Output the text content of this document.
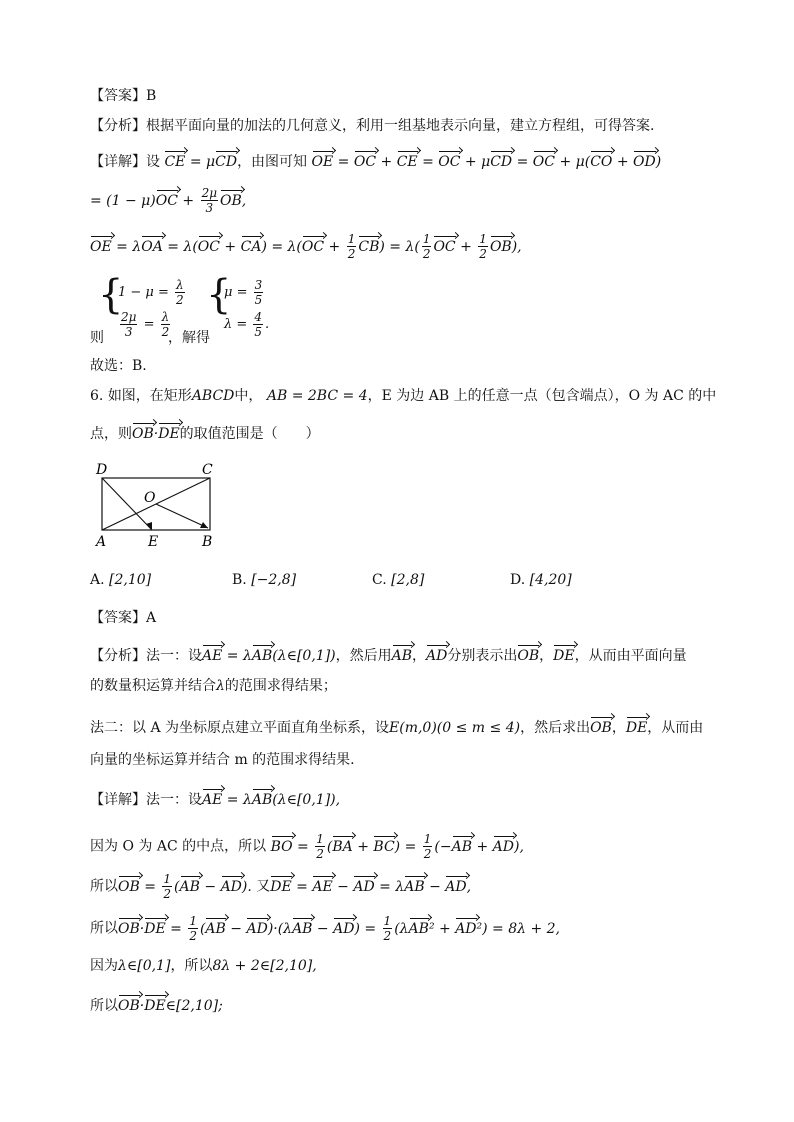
【答案】B
【分析】根据平面向量的加法的几何意义，利用一组基地表示向量，建立方程组，可得答案.
【详解】设 CE = μCD，由图可知 OE = OC + CE = OC + μCD = OC + μ(CO + OD)
= $(1 - \mu)OC + \frac{2\mu}{3}$ OB,
OE = $\lambda OA = \lambda(OC + CA) = \lambda(OC + \frac{1}{2} CB) = \lambda( \frac{1}{2}$ OC + $\frac{1}{2} OB$),
{
$1 - \mu = \frac{\lambda}{2}$
$\frac{2\mu}{3} = \frac{\lambda}{2}$
则	，解得
{
$\mu = \frac{3}{5}$
$\lambda = \frac{4}{5}$ .
故选：B.
6. 如图，在矩形ABCD中， AB = 2BC = 4，E 为边 AB 上的任意一点（包含端点），O 为 AC 的中
点，则OB·DE的取值范围是（　　）
D	C
O
A	E	B
A. [2,10]	B. [−2,8]	C. [2,8]	D. [4,20]
【答案】A
【分析】法一：设AE = λAB(λ∈[0,1])，然后用AB，AD分别表示出OB，DE，从而由平面向量
的数量积运算并结合λ的范围求得结果；
法二：以 A 为坐标原点建立平面直角坐标系，设E(m,0)(0 ≤ m ≤ 4)，然后求出OB，DE，从而由
向量的坐标运算并结合 m 的范围求得结果.
【详解】法一：设AE = λAB(λ∈[0,1]),
因为 O 为 AC 的中点，所以 BO = $\frac{1}{2} (BA + BC) = \frac{1}{2} (-AB + AD)$,
所以OB = $\frac{1}{2} (AB - AD)$. 又DE = AE − AD = λAB − AD,
所以$OB\cdot DE = \frac{1}{2} (AB - AD)\cdot(\lambda AB - AD) = \frac{1}{2} (\lambda AB^2 + AD^2) = 8\lambda + 2$,
因为λ∈[0,1]，所以8λ + 2∈[2,10],
所以OB·DE∈[2,10];
